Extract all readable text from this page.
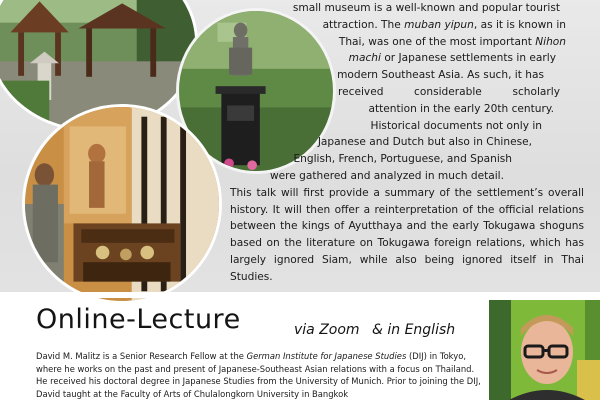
small museum is a well-known and popular tourist
attraction. The muban yipun, as it is known in
Thai, was one of the most important Nihon
machi or Japanese settlements in early
modern Southeast Asia. As such, it has
received considerable scholarly
attention in the early 20th century.
Historical documents not only in
Japanese and Dutch but also in Chinese,
English, French, Portuguese, and Spanish
were gathered and analyzed in much detail.

This talk will first provide a summary of the settlement’s overall history. It will then offer a reinterpretation of the official relations between the kings of Ayutthaya and the early Tokugawa shoguns based on the literature on Tokugawa foreign relations, which has largely ignored Siam, while also being ignored itself in Thai Studies.

Online-Lecture	via Zoom & in English
David M. Malitz is a Senior Research Fellow at the German Institute for Japanese Studies (DIJ) in Tokyo, where he works on the past and present of Japanese-Southeast Asian relations with a focus on Thailand. He received his doctoral degree in Japanese Studies from the University of Munich. Prior to joining the DIJ, David taught at the Faculty of Arts of Chulalongkorn University in Bangkok
